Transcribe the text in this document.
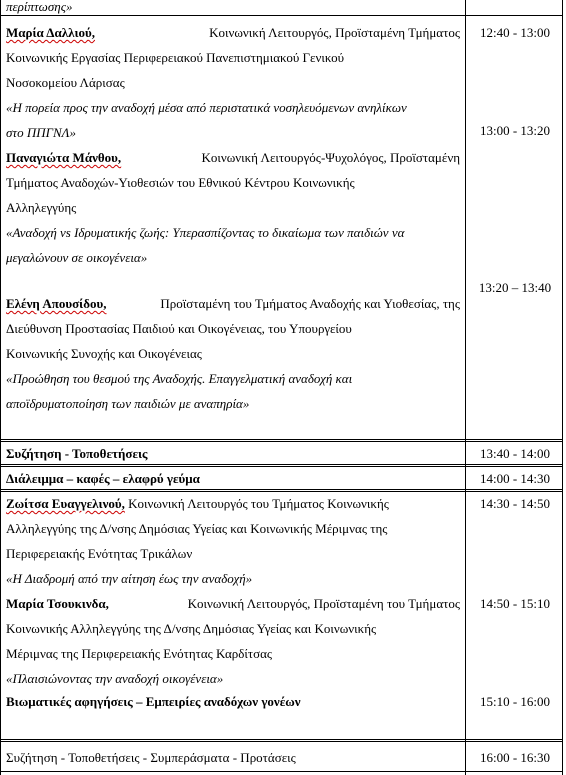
περίπτωσης»
Μαρία Δαλλιού,	Κοινωνική Λειτουργός, Προϊσταμένη Τμήματος
Κοινωνικής Εργασίας Περιφερειακού Πανεπιστημιακού Γενικού
Νοσοκομείου Λάρισας
«Η πορεία προς την αναδοχή μέσα από περιστατικά νοσηλευόμενων ανηλίκων
στο ΠΠΓΝΛ»
12:40 - 13:00
Παναγιώτα Μάνθου,	Κοινωνική Λειτουργός-Ψυχολόγος, Προϊσταμένη
Τμήματος Αναδοχών-Υιοθεσιών του Εθνικού Κέντρου Κοινωνικής
Αλληλεγγύης
«Αναδοχή vs Ιδρυματικής ζωής: Υπερασπίζοντας το δικαίωμα των παιδιών να
μεγαλώνουν σε οικογένεια»
13:00 - 13:20
Ελένη Απουσίδου,	Προϊσταμένη του Τμήματος Αναδοχής και Υιοθεσίας, της
Διεύθυνση Προστασίας Παιδιού και Οικογένειας, του Υπουργείου
Κοινωνικής Συνοχής και Οικογένειας
«Προώθηση του θεσμού της Αναδοχής. Επαγγελματική αναδοχή και
αποϊδρυματοποίηση των παιδιών με αναπηρία»
13:20 – 13:40
Συζήτηση - Τοποθετήσεις	13:40 - 14:00
Διάλειμμα – καφές – ελαφρύ γεύμα	14:00 - 14:30
Ζωίτσα Ευαγγελινού, Κοινωνική Λειτουργός του Τμήματος Κοινωνικής
Αλληλεγγύης της Δ/νσης Δημόσιας Υγείας και Κοινωνικής Μέριμνας της
Περιφερειακής Ενότητας Τρικάλων
«Η Διαδρομή από την αίτηση έως την αναδοχή»
14:30 - 14:50
Μαρία Τσουκινδα,	Κοινωνική Λειτουργός, Προϊσταμένη του Τμήματος
Κοινωνικής Αλληλεγγύης της Δ/νσης Δημόσιας Υγείας και Κοινωνικής
Μέριμνας της Περιφερειακής Ενότητας Καρδίτσας
«Πλαισιώνοντας την αναδοχή οικογένεια»
14:50 - 15:10
Βιωματικές αφηγήσεις – Εμπειρίες αναδόχων γονέων	15:10 - 16:00
Συζήτηση - Τοποθετήσεις - Συμπεράσματα - Προτάσεις	16:00 - 16:30
